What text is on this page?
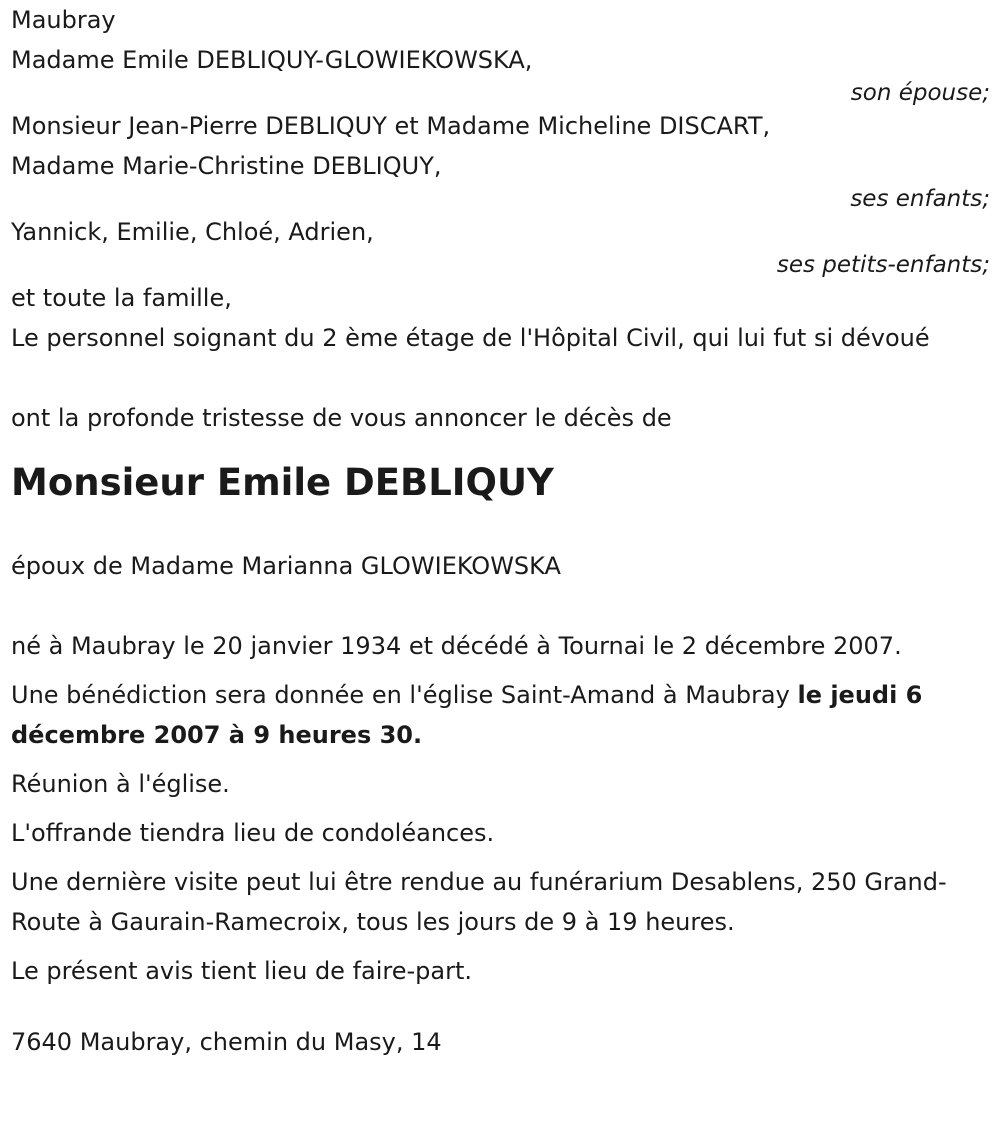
Maubray

Madame Emile DEBLIQUY-GLOWIEKOWSKA,

son épouse;

Monsieur Jean-Pierre DEBLIQUY et Madame Micheline DISCART,

Madame Marie-Christine DEBLIQUY,

ses enfants;

Yannick, Emilie, Chloé, Adrien,

ses petits-enfants;

et toute la famille,

Le personnel soignant du 2 ème étage de l'Hôpital Civil, qui lui fut si dévoué

ont la profonde tristesse de vous annoncer le décès de

Monsieur Emile DEBLIQUY

époux de Madame Marianna GLOWIEKOWSKA

né à Maubray le 20 janvier 1934 et décédé à Tournai le 2 décembre 2007.

Une bénédiction sera donnée en l'église Saint-Amand à Maubray le jeudi 6 décembre 2007 à 9 heures 30.

Réunion à l'église.

L'offrande tiendra lieu de condoléances.

Une dernière visite peut lui être rendue au funérarium Desablens, 250 Grand-Route à Gaurain-Ramecroix, tous les jours de 9 à 19 heures.

Le présent avis tient lieu de faire-part.

7640 Maubray, chemin du Masy, 14
